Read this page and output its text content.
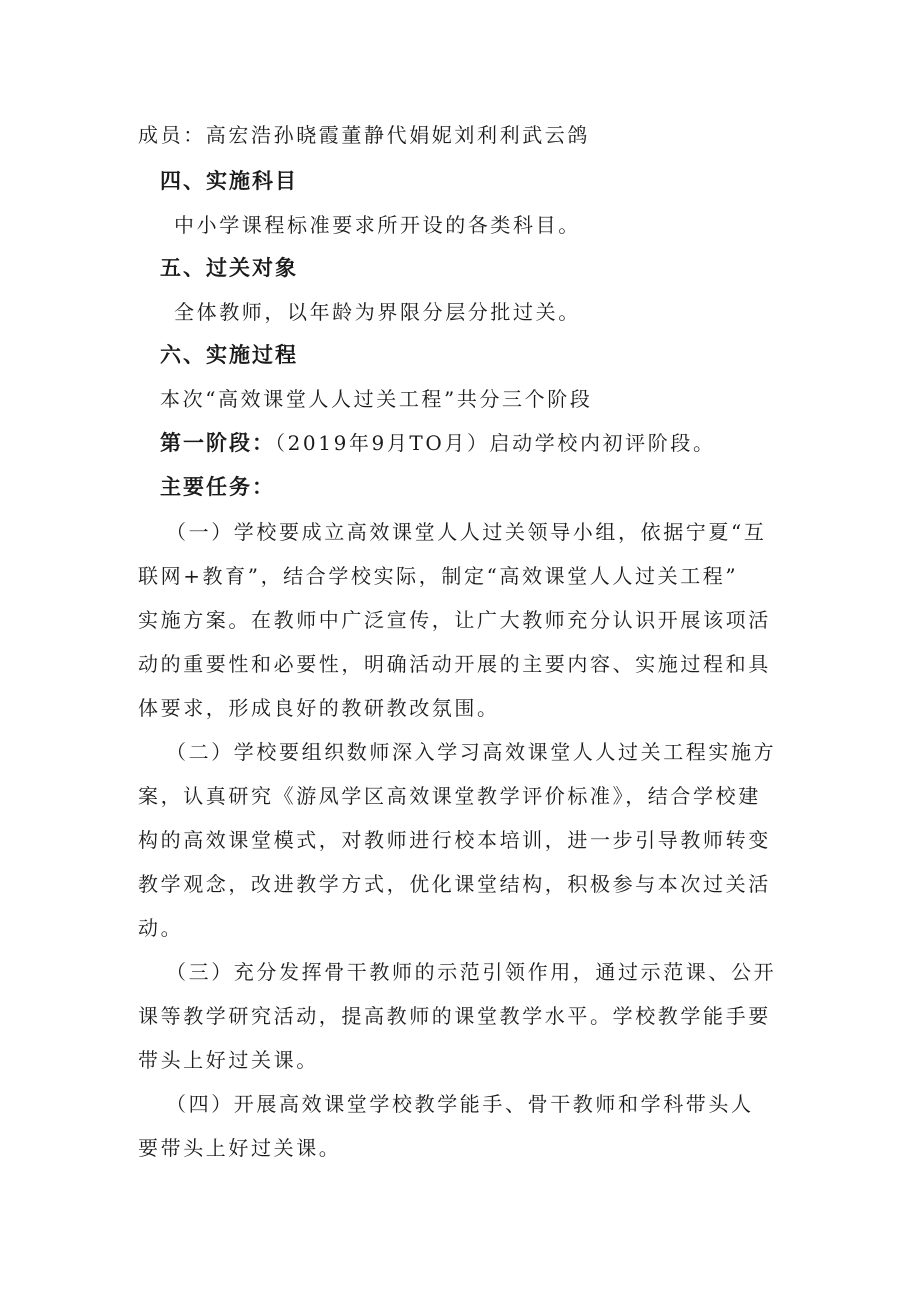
成员：高宏浩孙晓霞董静代娟妮刘利利武云鸽
四、实施科目
中小学课程标准要求所开设的各类科目。
五、过关对象
全体教师，以年龄为界限分层分批过关。
六、实施过程
本次“高效课堂人人过关工程”共分三个阶段
第一阶段：（2019年9月TO月）启动学校内初评阶段。
主要任务：
（一）学校要成立高效课堂人人过关领导小组，依据宁夏“互
联网+教育”，结合学校实际，制定“高效课堂人人过关工程”
实施方案。在教师中广泛宣传，让广大教师充分认识开展该项活
动的重要性和必要性，明确活动开展的主要内容、实施过程和具
体要求，形成良好的教研教改氛围。
（二）学校要组织数师深入学习高效课堂人人过关工程实施方
案，认真研究《游凤学区高效课堂教学评价标准》，结合学校建
构的高效课堂模式，对教师进行校本培训，进一步引导教师转变
教学观念，改进教学方式，优化课堂结构，积极参与本次过关活
动。
（三）充分发挥骨干教师的示范引领作用，通过示范课、公开
课等教学研究活动，提高教师的课堂教学水平。学校教学能手要
带头上好过关课。
（四）开展高效课堂学校教学能手、骨干教师和学科带头人
要带头上好过关课。
